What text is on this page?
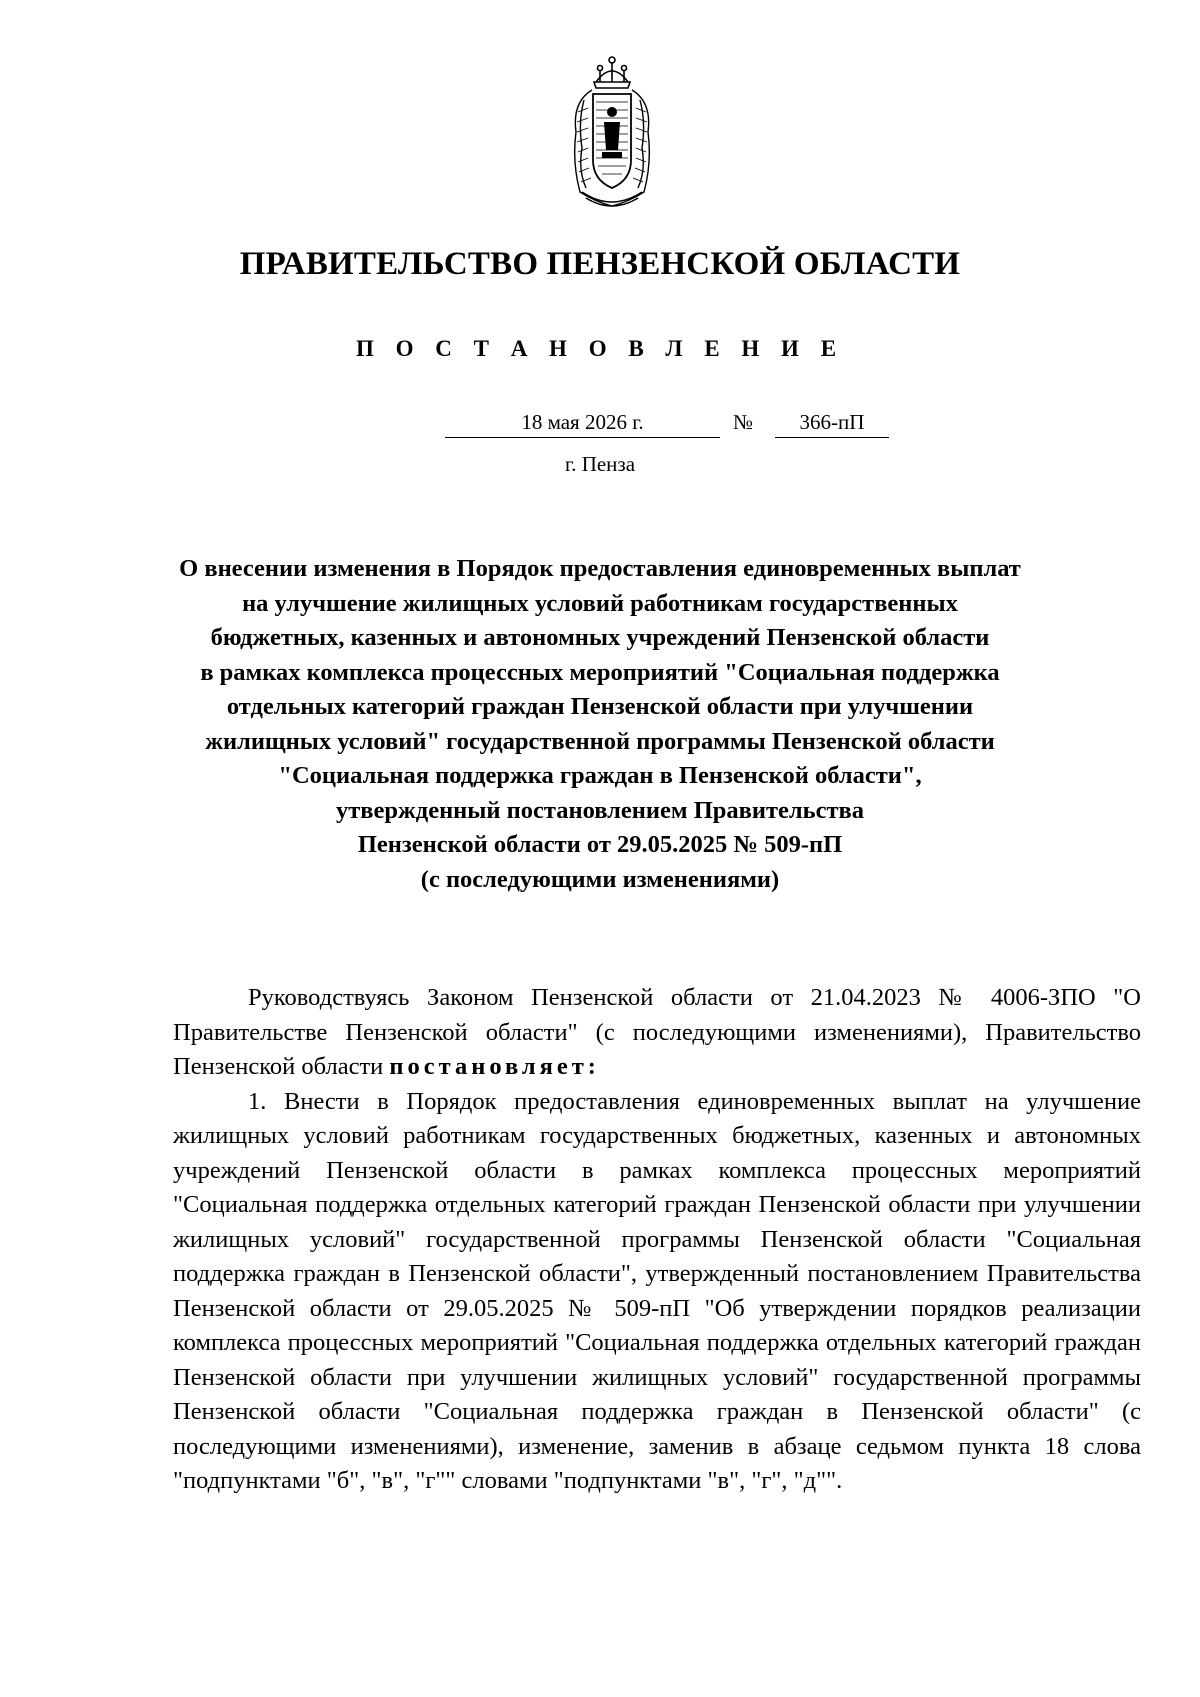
ПРАВИТЕЛЬСТВО ПЕНЗЕНСКОЙ ОБЛАСТИ
П О С Т А Н О В Л Е Н И Е
18 мая 2026 г.	№	366-пП
г. Пенза
О внесении изменения в Порядок предоставления единовременных выплат
на улучшение жилищных условий работникам государственных
бюджетных, казенных и автономных учреждений Пензенской области
в рамках комплекса процессных мероприятий "Социальная поддержка
отдельных категорий граждан Пензенской области при улучшении
жилищных условий" государственной программы Пензенской области
"Социальная поддержка граждан в Пензенской области",
утвержденный постановлением Правительства
Пензенской области от 29.05.2025 № 509-пП
(с последующими изменениями)

Руководствуясь Законом Пензенской области от 21.04.2023 № 4006-ЗПО "О Правительстве Пензенской области" (с последующими изменениями), Правительство Пензенской области постановляет:

1. Внести в Порядок предоставления единовременных выплат на улучшение жилищных условий работникам государственных бюджетных, казенных и автономных учреждений Пензенской области в рамках комплекса процессных мероприятий "Социальная поддержка отдельных категорий граждан Пензенской области при улучшении жилищных условий" государственной программы Пензенской области "Социальная поддержка граждан в Пензенской области", утвержденный постановлением Правительства Пензенской области от 29.05.2025 № 509-пП "Об утверждении порядков реализации комплекса процессных мероприятий "Социальная поддержка отдельных категорий граждан Пензенской области при улучшении жилищных условий" государственной программы Пензенской области "Социальная поддержка граждан в Пензенской области" (с последующими изменениями), изменение, заменив в абзаце седьмом пункта 18 слова "подпунктами "б", "в", "г"" словами "подпунктами "в", "г", "д"".
